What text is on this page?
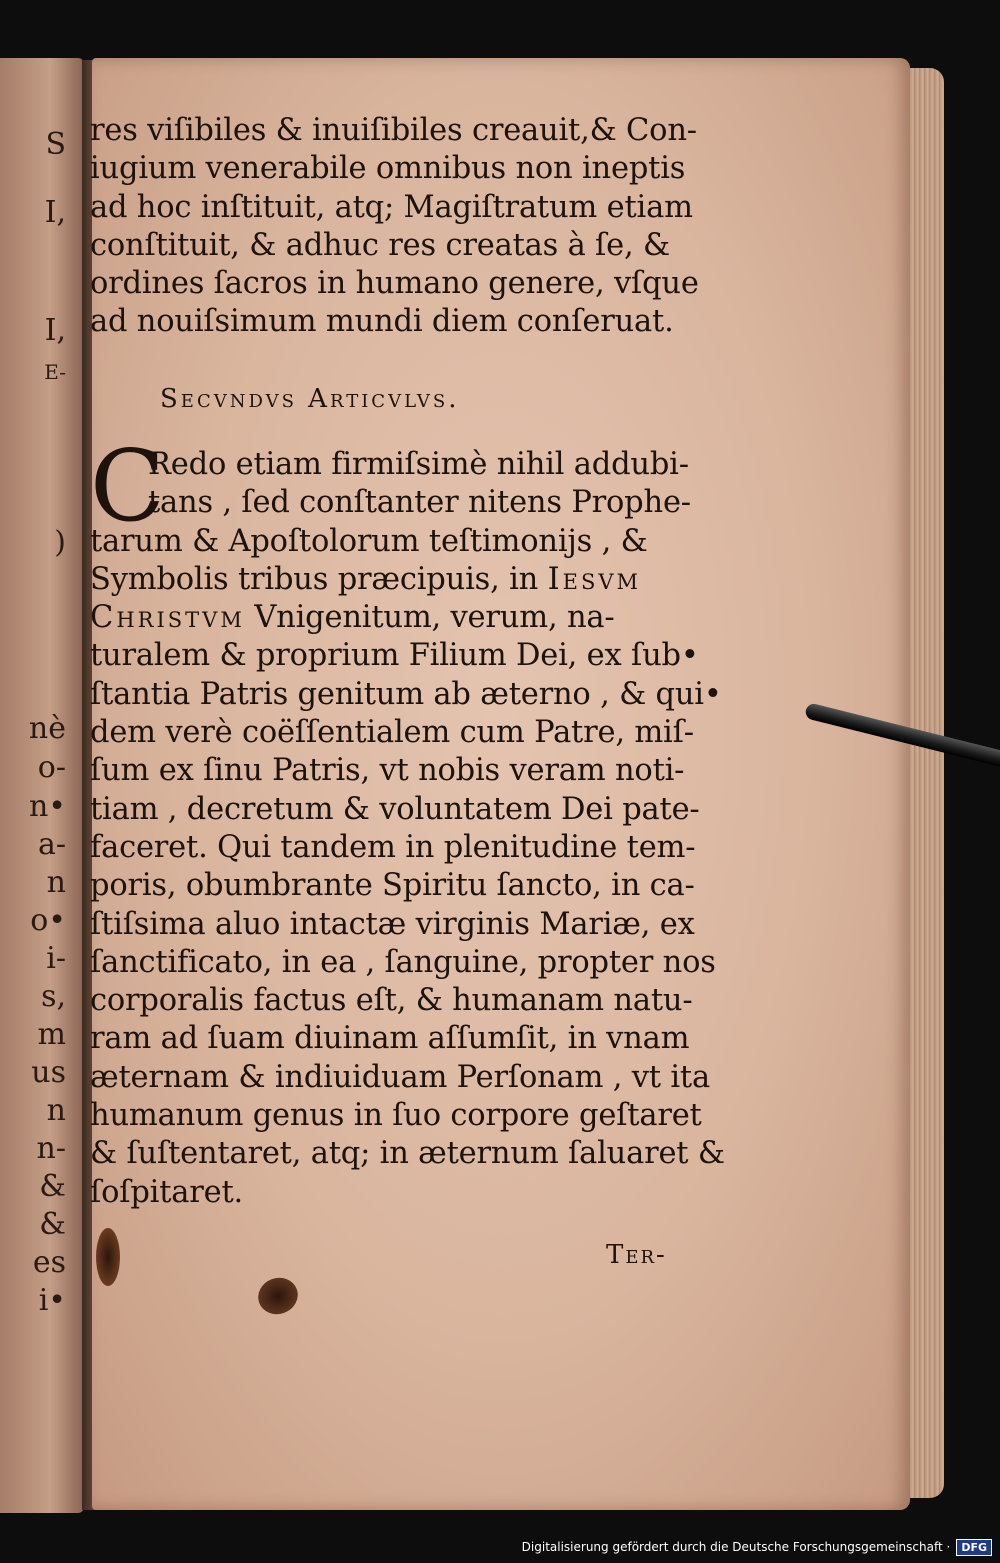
S

I,

I,

E-

)

nè

o-

n•

a-

n

o•

i-

s,

m

us

n

n-

&

&

es

i•

res viſibiles & inuiſibiles creauit,& Con-
iugium venerabile omnibus non ineptis
ad hoc inſtituit, atq; Magiſtratum etiam
conſtituit, & adhuc res creatas à ſe, &
ordines ſacros in humano genere, vſque
ad nouiſsimum mundi diem conſeruat.
Secvndvs Articvlvs.
C
Redo etiam firmiſsimè nihil addubi-
tans , ſed conſtanter nitens Prophe-
tarum & Apoſtolorum teſtimonijs , &
Symbolis tribus præcipuis, in Iesvm
Christvm Vnigenitum, verum, na-
turalem & proprium Filium Dei, ex ſub•
ſtantia Patris genitum ab æterno , & qui•
dem verè coëſſentialem cum Patre, miſ-
ſum ex ſinu Patris, vt nobis veram noti-
tiam , decretum & voluntatem Dei pate-
faceret. Qui tandem in plenitudine tem-
poris, obumbrante Spiritu ſancto, in ca-
ſtiſsima aluo intactæ virginis Mariæ, ex
ſanctificato, in ea , ſanguine, propter nos
corporalis factus eſt, & humanam natu-
ram ad ſuam diuinam aſſumſit, in vnam
æternam & indiuiduam Perſonam , vt ita
humanum genus in ſuo corpore geſtaret
& ſuſtentaret, atq; in æternum ſaluaret &
ſoſpitaret.
Ter-
Digitalisierung gefördert durch die Deutsche Forschungsgemeinschaft ·	DFG
